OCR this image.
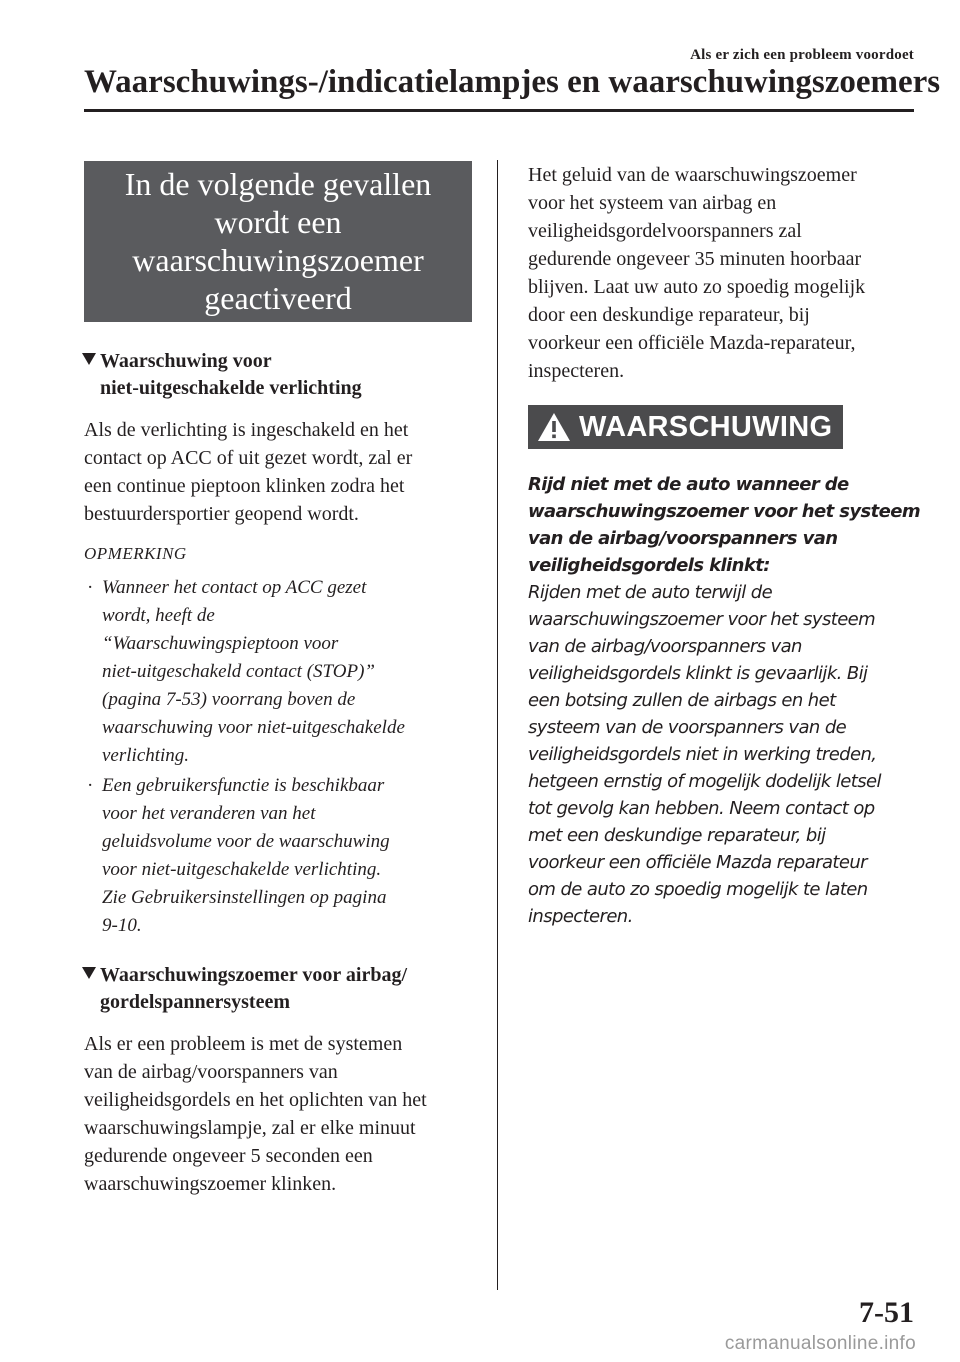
Als er zich een probleem voordoet
Waarschuwings-/indicatielampjes en waarschuwingszoemers
In de volgende gevallen
wordt een
waarschuwingszoemer
geactiveerd
Waarschuwing voor
niet-uitgeschakelde verlichting
Als de verlichting is ingeschakeld en het
contact op ACC of uit gezet wordt, zal er
een continue pieptoon klinken zodra het
bestuurdersportier geopend wordt.
OPMERKING
· Wanneer het contact op ACC gezet
wordt, heeft de
“Waarschuwingspieptoon voor
niet-uitgeschakeld contact (STOP)”
(pagina 7-53) voorrang boven de
waarschuwing voor niet-uitgeschakelde
verlichting.
· Een gebruikersfunctie is beschikbaar
voor het veranderen van het
geluidsvolume voor de waarschuwing
voor niet-uitgeschakelde verlichting.
Zie Gebruikersinstellingen op pagina
9-10.
Waarschuwingszoemer voor airbag/
gordelspannersysteem
Als er een probleem is met de systemen
van de airbag/voorspanners van
veiligheidsgordels en het oplichten van het
waarschuwingslampje, zal er elke minuut
gedurende ongeveer 5 seconden een
waarschuwingszoemer klinken.
Het geluid van de waarschuwingszoemer
voor het systeem van airbag en
veiligheidsgordelvoorspanners zal
gedurende ongeveer 35 minuten hoorbaar
blijven. Laat uw auto zo spoedig mogelijk
door een deskundige reparateur, bij
voorkeur een officiële Mazda-reparateur,
inspecteren.
WAARSCHUWING
Rijd niet met de auto wanneer de
waarschuwingszoemer voor het systeem
van de airbag/voorspanners van
veiligheidsgordels klinkt:
Rijden met de auto terwijl de
waarschuwingszoemer voor het systeem
van de airbag/voorspanners van
veiligheidsgordels klinkt is gevaarlijk. Bij
een botsing zullen de airbags en het
systeem van de voorspanners van de
veiligheidsgordels niet in werking treden,
hetgeen ernstig of mogelijk dodelijk letsel
tot gevolg kan hebben. Neem contact op
met een deskundige reparateur, bij
voorkeur een officiële Mazda reparateur
om de auto zo spoedig mogelijk te laten
inspecteren.
7-51
carmanualsonline.info
